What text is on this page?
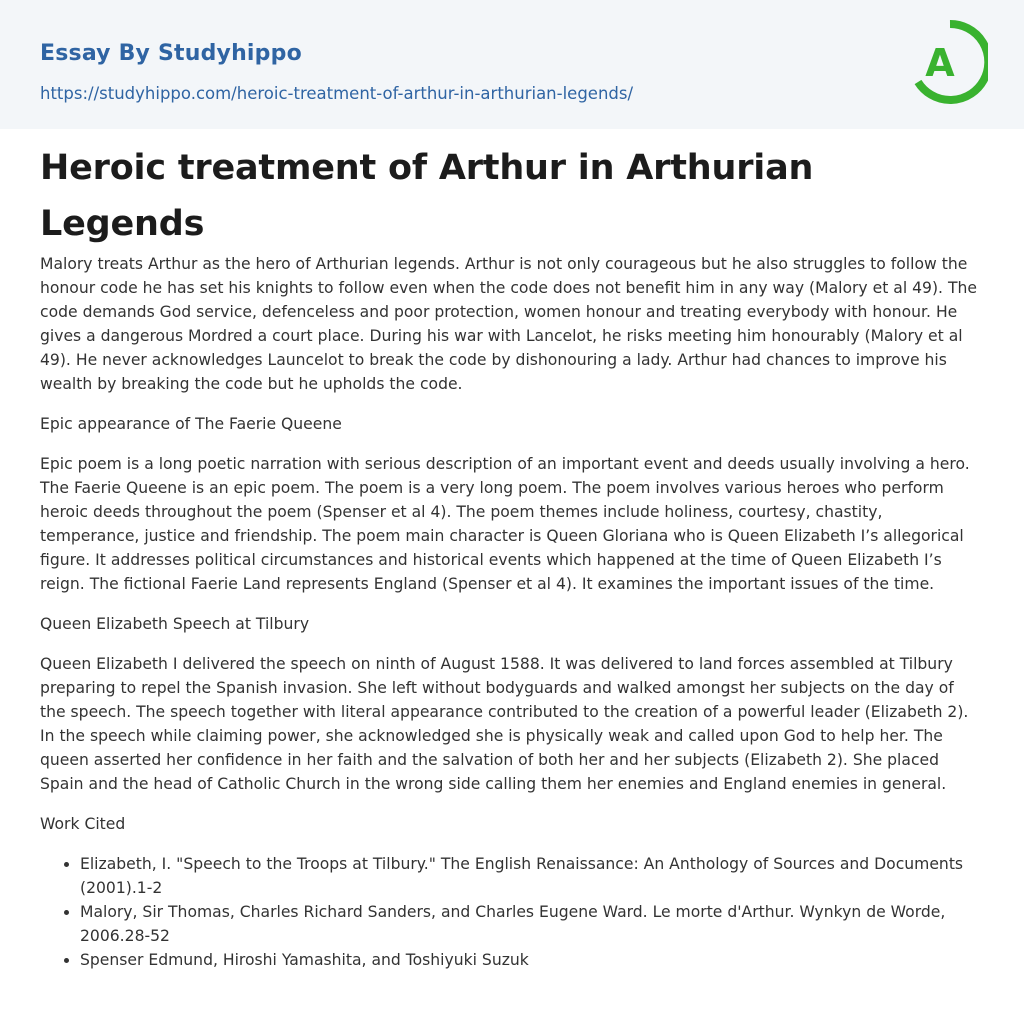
Essay By Studyhippo
https://studyhippo.com/heroic-treatment-of-arthur-in-arthurian-legends/
A
Heroic treatment of Arthur in Arthurian Legends

Malory treats Arthur as the hero of Arthurian legends. Arthur is not only courageous but he also struggles to follow the honour code he has set his knights to follow even when the code does not benefit him in any way (Malory et al 49). The code demands God service, defenceless and poor protection, women honour and treating everybody with honour. He gives a dangerous Mordred a court place. During his war with Lancelot, he risks meeting him honourably (Malory et al 49). He never acknowledges Launcelot to break the code by dishonouring a lady. Arthur had chances to improve his wealth by breaking the code but he upholds the code.

Epic appearance of The Faerie Queene

Epic poem is a long poetic narration with serious description of an important event and deeds usually involving a hero. The Faerie Queene is an epic poem. The poem is a very long poem. The poem involves various heroes who perform heroic deeds throughout the poem (Spenser et al 4). The poem themes include holiness, courtesy, chastity, temperance, justice and friendship. The poem main character is Queen Gloriana who is Queen Elizabeth I’s allegorical figure. It addresses political circumstances and historical events which happened at the time of Queen Elizabeth I’s reign. The fictional Faerie Land represents England (Spenser et al 4). It examines the important issues of the time.

Queen Elizabeth Speech at Tilbury

Queen Elizabeth I delivered the speech on ninth of August 1588. It was delivered to land forces assembled at Tilbury preparing to repel the Spanish invasion. She left without bodyguards and walked amongst her subjects on the day of the speech. The speech together with literal appearance contributed to the creation of a powerful leader (Elizabeth 2). In the speech while claiming power, she acknowledged she is physically weak and called upon God to help her. The queen asserted her confidence in her faith and the salvation of both her and her subjects (Elizabeth 2). She placed Spain and the head of Catholic Church in the wrong side calling them her enemies and England enemies in general.

Work Cited

• Elizabeth, I. "Speech to the Troops at Tilbury." The English Renaissance: An Anthology of Sources and Documents (2001).1-2
• Malory, Sir Thomas, Charles Richard Sanders, and Charles Eugene Ward. Le morte d'Arthur. Wynkyn de Worde, 2006.28-52
• Spenser Edmund, Hiroshi Yamashita, and Toshiyuki Suzuk
